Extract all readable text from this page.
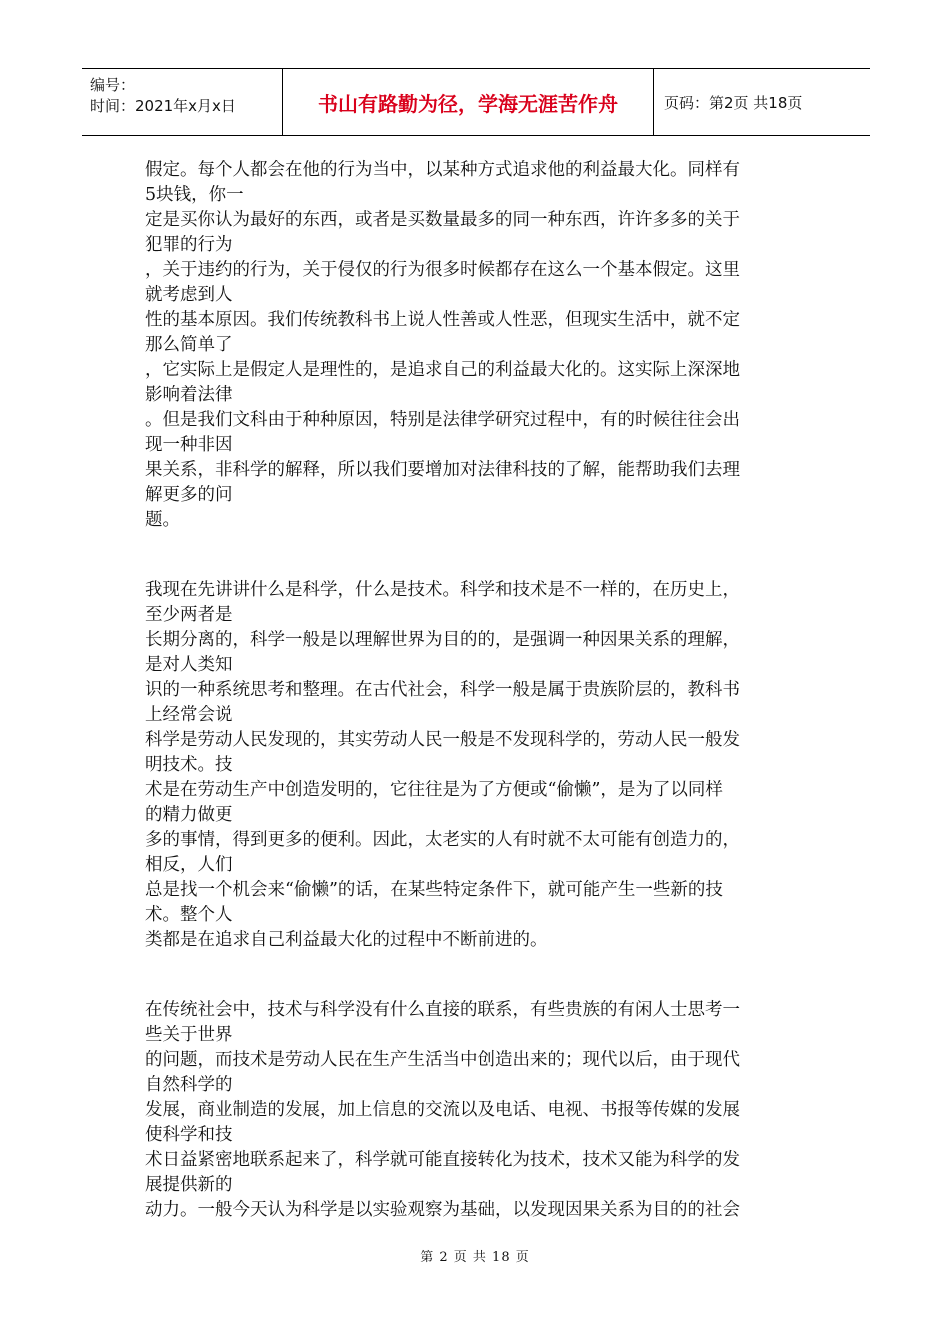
编号：
时间：2021年x月x日	书山有路勤为径，学海无涯苦作舟	页码：第2页 共18页
假定。每个人都会在他的行为当中，以某种方式追求他的利益最大化。同样有
5块钱，你一
定是买你认为最好的东西，或者是买数量最多的同一种东西，许许多多的关于
犯罪的行为
，关于违约的行为，关于侵仅的行为很多时候都存在这么一个基本假定。这里
就考虑到人
性的基本原因。我们传统教科书上说人性善或人性恶，但现实生活中，就不定
那么简单了
，它实际上是假定人是理性的，是追求自己的利益最大化的。这实际上深深地
影响着法律
。但是我们文科由于种种原因，特别是法律学研究过程中，有的时候往往会出
现一种非因
果关系，非科学的解释，所以我们要增加对法律科技的了解，能帮助我们去理
解更多的问
题。
我现在先讲讲什么是科学，什么是技术。科学和技术是不一样的，在历史上，
至少两者是
长期分离的，科学一般是以理解世界为目的的，是强调一种因果关系的理解，
是对人类知
识的一种系统思考和整理。在古代社会，科学一般是属于贵族阶层的，教科书
上经常会说
科学是劳动人民发现的，其实劳动人民一般是不发现科学的，劳动人民一般发
明技术。技
术是在劳动生产中创造发明的，它往往是为了方便或“偷懒”，是为了以同样
的精力做更
多的事情，得到更多的便利。因此，太老实的人有时就不太可能有创造力的，
相反，人们
总是找一个机会来“偷懒”的话，在某些特定条件下，就可能产生一些新的技
术。整个人
类都是在追求自己利益最大化的过程中不断前进的。
在传统社会中，技术与科学没有什么直接的联系，有些贵族的有闲人士思考一
些关于世界
的问题，而技术是劳动人民在生产生活当中创造出来的；现代以后，由于现代
自然科学的
发展，商业制造的发展，加上信息的交流以及电话、电视、书报等传媒的发展
使科学和技
术日益紧密地联系起来了，科学就可能直接转化为技术，技术又能为科学的发
展提供新的
动力。一般今天认为科学是以实验观察为基础，以发现因果关系为目的的社会
第 2 页 共 18 页
